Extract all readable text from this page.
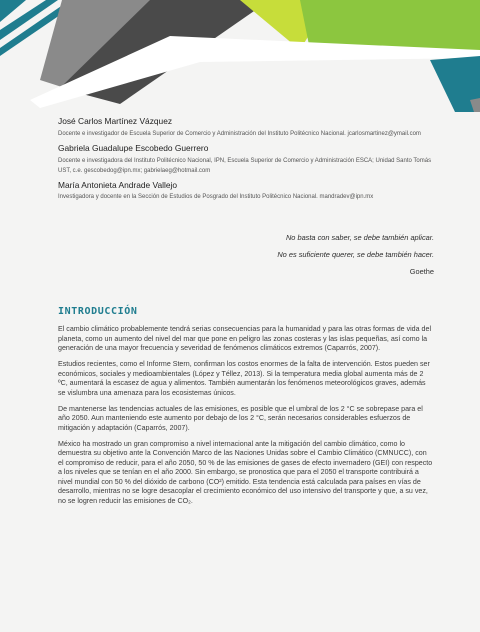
José Carlos Martínez Vázquez

Docente e investigador de Escuela Superior de Comercio y Administración del Instituto Politécnico Nacional. jcarlosmartinez@ymail.com

Gabriela Guadalupe Escobedo Guerrero

Docente e investigadora del Instituto Politécnico Nacional, IPN, Escuela Superior de Comercio y Administración ESCA; Unidad Santo Tomás UST, c.e. gescobedog@ipn.mx; gabrielaeg@hotmail.com

María Antonieta Andrade Vallejo

Investigadora y docente en la Sección de Estudios de Posgrado del Instituto Politécnico Nacional. mandradev@ipn.mx

No basta con saber, se debe también aplicar.

No es suficiente querer, se debe también hacer.

Goethe

INTRODUCCIÓN

El cambio climático probablemente tendrá serias consecuencias para la humanidad y para las otras formas de vida del planeta, como un aumento del nivel del mar que pone en peligro las zonas costeras y las islas pequeñas, así como la generación de una mayor frecuencia y severidad de fenómenos climáticos extremos (Caparrós, 2007).

Estudios recientes, como el Informe Stern, confirman los costos enormes de la falta de intervención. Estos pueden ser económicos, sociales y medioambientales (López y Téllez, 2013). Si la temperatura media global aumenta más de 2 ºC, aumentará la escasez de agua y alimentos. También aumentarán los fenómenos meteorológicos graves, además se vislumbra una amenaza para los ecosistemas únicos.

De mantenerse las tendencias actuales de las emisiones, es posible que el umbral de los 2 °C se sobrepase para el año 2050. Aun manteniendo este aumento por debajo de los 2 °C, serán necesarios considerables esfuerzos de mitigación y adaptación (Caparrós, 2007).

México ha mostrado un gran compromiso a nivel internacional ante la mitigación del cambio climático, como lo demuestra su objetivo ante la Convención Marco de las Naciones Unidas sobre el Cambio Climático (CMNUCC), con el compromiso de reducir, para el año 2050, 50 % de las emisiones de gases de efecto invernadero (GEI) con respecto a los niveles que se tenían en el año 2000. Sin embargo, se pronostica que para el 2050 el transporte contribuirá a nivel mundial con 50 % del dióxido de carbono (CO²) emitido. Esta tendencia está calculada para países en vías de desarrollo, mientras no se logre desacoplar el crecimiento económico del uso intensivo del transporte y que, a su vez, no se logren reducir las emisiones de CO₂.
